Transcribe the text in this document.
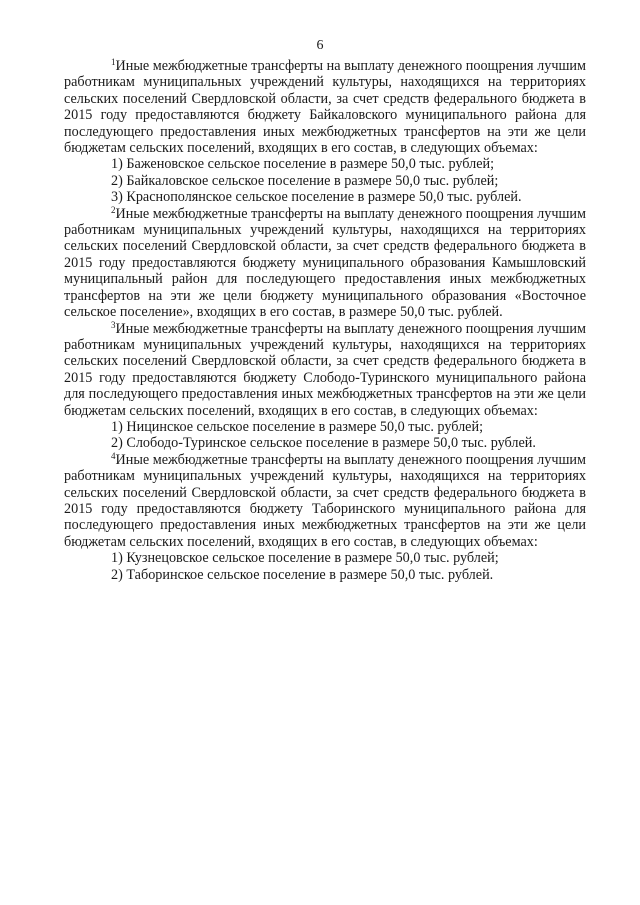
6

$^1$Иные межбюджетные трансферты на выплату денежного поощрения лучшим работникам муниципальных учреждений культуры, находящихся на территориях сельских поселений Свердловской области, за счет средств федерального бюджета в 2015 году предоставляются бюджету Байкаловского муниципального района для последующего предоставления иных межбюджетных трансфертов на эти же цели бюджетам сельских поселений, входящих в его состав, в следующих объемах:

1) Баженовское сельское поселение в размере 50,0 тыс. рублей;

2) Байкаловское сельское поселение в размере 50,0 тыс. рублей;

3) Краснополянское сельское поселение в размере 50,0 тыс. рублей.

$^2$Иные межбюджетные трансферты на выплату денежного поощрения лучшим работникам муниципальных учреждений культуры, находящихся на территориях сельских поселений Свердловской области, за счет средств федерального бюджета в 2015 году предоставляются бюджету муниципального образования Камышловский муниципальный район для последующего предоставления иных межбюджетных трансфертов на эти же цели бюджету муниципального образования «Восточное сельское поселение», входящих в его состав, в размере 50,0 тыс. рублей.

$^3$Иные межбюджетные трансферты на выплату денежного поощрения лучшим работникам муниципальных учреждений культуры, находящихся на территориях сельских поселений Свердловской области, за счет средств федерального бюджета в 2015 году предоставляются бюджету Слободо-Туринского муниципального района для последующего предоставления иных межбюджетных трансфертов на эти же цели бюджетам сельских поселений, входящих в его состав, в следующих объемах:

1) Ницинское сельское поселение в размере 50,0 тыс. рублей;

2) Слободо-Туринское сельское поселение в размере 50,0 тыс. рублей.

$^4$Иные межбюджетные трансферты на выплату денежного поощрения лучшим работникам муниципальных учреждений культуры, находящихся на территориях сельских поселений Свердловской области, за счет средств федерального бюджета в 2015 году предоставляются бюджету Таборинского муниципального района для последующего предоставления иных межбюджетных трансфертов на эти же цели бюджетам сельских поселений, входящих в его состав, в следующих объемах:

1) Кузнецовское сельское поселение в размере 50,0 тыс. рублей;

2) Таборинское сельское поселение в размере 50,0 тыс. рублей.
